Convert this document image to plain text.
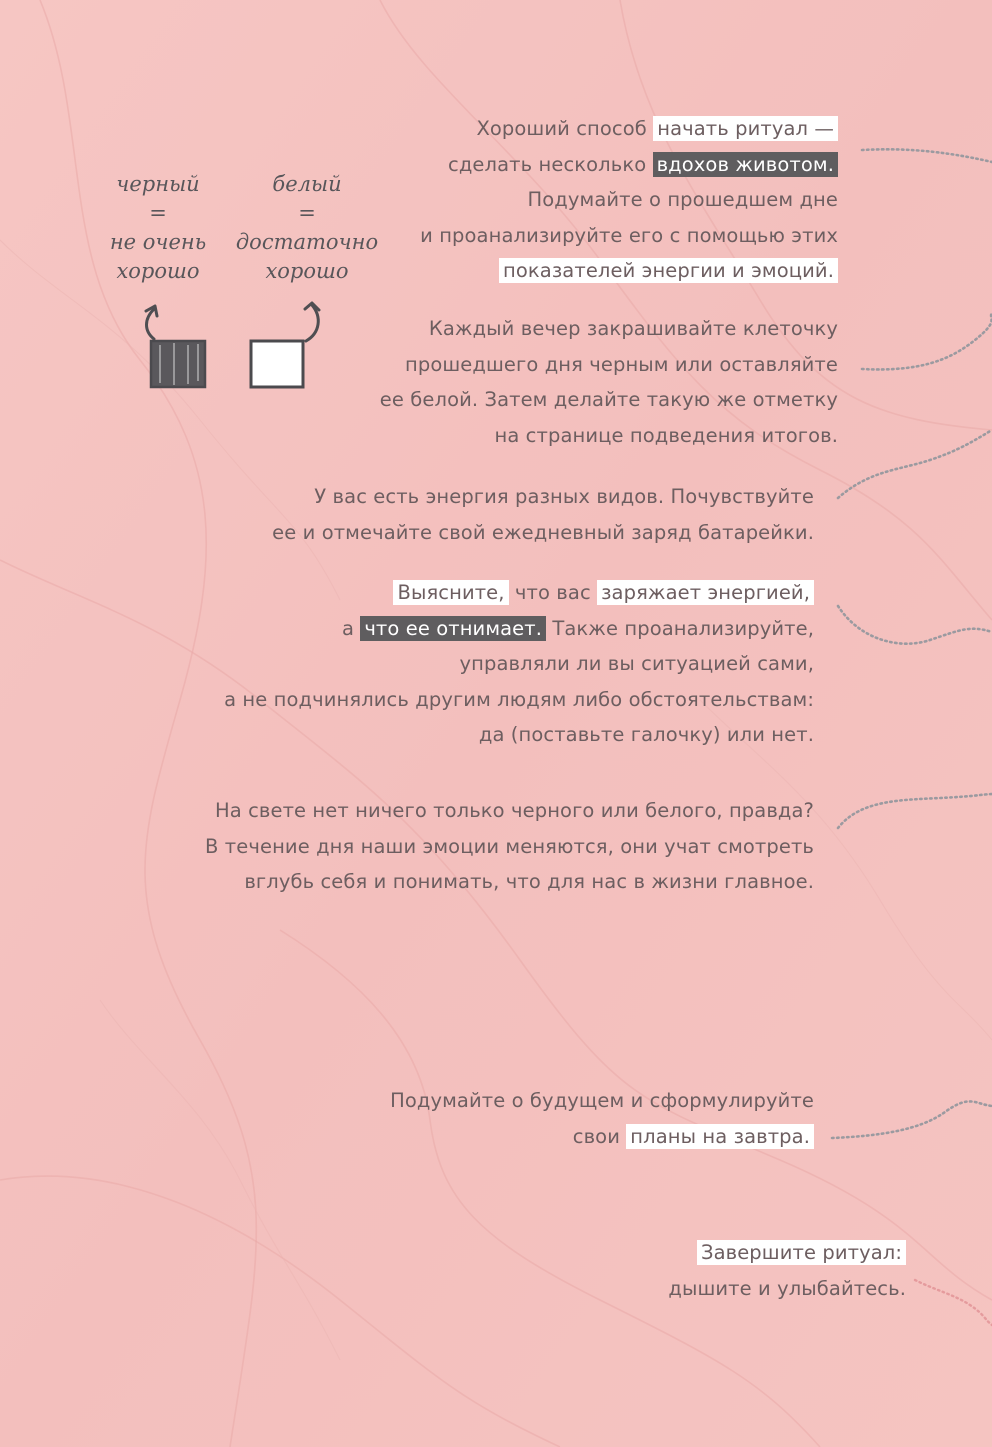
черный
=
не очень
хорошо
белый
=
достаточно
хорошо
Хороший способ начать ритуал —
сделать несколько вдохов животом.
Подумайте о прошедшем дне
и проанализируйте его с помощью этих
показателей энергии и эмоций.
Каждый вечер закрашивайте клеточку
прошедшего дня черным или оставляйте
ее белой. Затем делайте такую же отметку
на странице подведения итогов.
У вас есть энергия разных видов. Почувствуйте
ее и отмечайте свой ежедневный заряд батарейки.
Выясните, что вас заряжает энергией,
а что ее отнимает. Также проанализируйте,
управляли ли вы ситуацией сами,
а не подчинялись другим людям либо обстоятельствам:
да (поставьте галочку) или нет.
На свете нет ничего только черного или белого, правда?
В течение дня наши эмоции меняются, они учат смотреть
вглубь себя и понимать, что для нас в жизни главное.
Подумайте о будущем и сформулируйте
свои планы на завтра.
Завершите ритуал:
дышите и улыбайтесь.
